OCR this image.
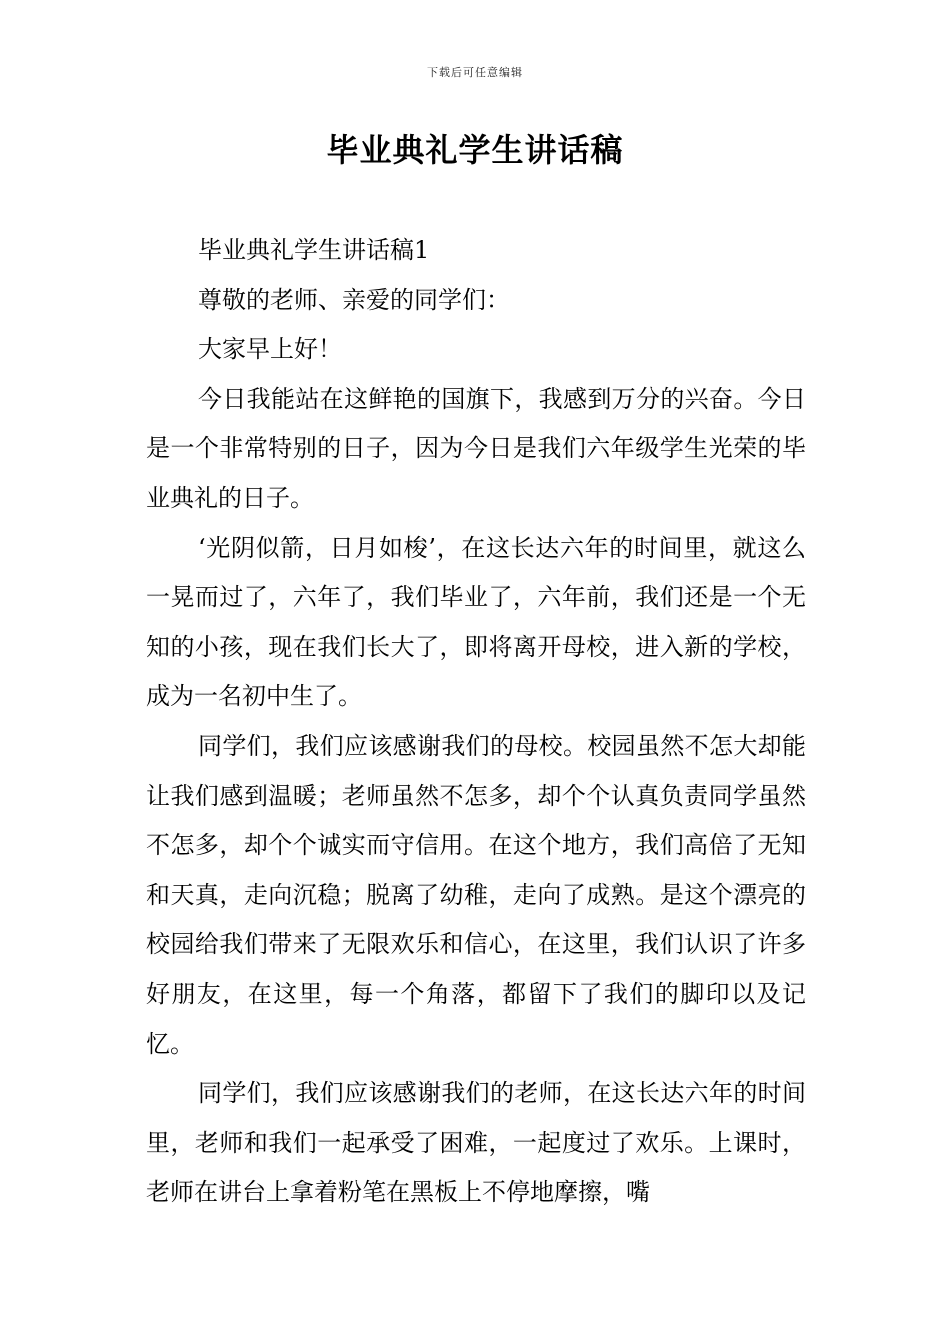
下载后可任意编辑
毕业典礼学生讲话稿

毕业典礼学生讲话稿1

尊敬的老师、亲爱的同学们：

大家早上好！

今日我能站在这鲜艳的国旗下，我感到万分的兴奋。今日是一个非常特别的日子，因为今日是我们六年级学生光荣的毕业典礼的日子。

‘光阴似箭，日月如梭’，在这长达六年的时间里，就这么一晃而过了，六年了，我们毕业了，六年前，我们还是一个无知的小孩，现在我们长大了，即将离开母校，进入新的学校，成为一名初中生了。

同学们，我们应该感谢我们的母校。校园虽然不怎大却能让我们感到温暖；老师虽然不怎多，却个个认真负责同学虽然不怎多，却个个诚实而守信用。在这个地方，我们高倍了无知和天真，走向沉稳；脱离了幼稚，走向了成熟。是这个漂亮的校园给我们带来了无限欢乐和信心，在这里，我们认识了许多好朋友，在这里，每一个角落，都留下了我们的脚印以及记忆。

同学们，我们应该感谢我们的老师，在这长达六年的时间里，老师和我们一起承受了困难，一起度过了欢乐。上课时，老师在讲台上拿着粉笔在黑板上不停地摩擦，嘴
